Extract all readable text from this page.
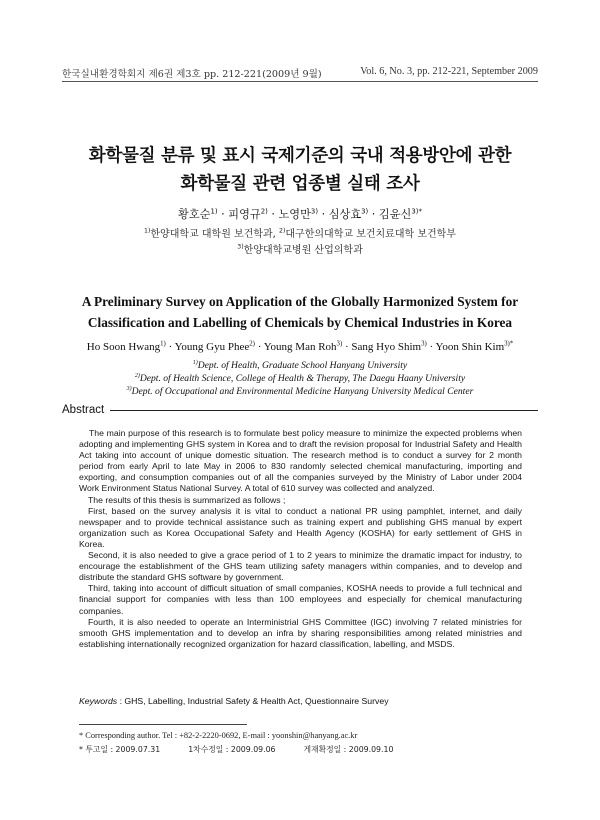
한국실내환경학회지 제6권 제3호 pp. 212-221(2009년 9월)	Vol. 6, No. 3, pp. 212-221, September 2009
화학물질 분류 및 표시 국제기준의 국내 적용방안에 관한
화학물질 관련 업종별 실태 조사
황호순$^{1)}$ · 피영규$^{2)}$ · 노영만$^{3)}$ · 심상효$^{3)}$ · 김윤신$^{3)*}$
$^{1)}$한양대학교 대학원 보건학과, $^{2)}$대구한의대학교 보건치료대학 보건학부
$^{3)}$한양대학교병원 산업의학과
A Preliminary Survey on Application of the Globally Harmonized System for
Classification and Labelling of Chemicals by Chemical Industries in Korea
Ho Soon Hwang$^{1)}$ · Young Gyu Phee$^{2)}$ · Young Man Roh$^{3)}$ · Sang Hyo Shim$^{3)}$ · Yoon Shin Kim$^{3)*}$
$^{1)}$Dept. of Health, Graduate School Hanyang University
$^{2)}$Dept. of Health Science, College of Health & Therapy, The Daegu Haany University
$^{3)}$Dept. of Occupational and Environmental Medicine Hanyang University Medical Center
Abstract

The main purpose of this research is to formulate best policy measure to minimize the expected problems when adopting and implementing GHS system in Korea and to draft the revision proposal for Industrial Safety and Health Act taking into account of unique domestic situation. The research method is to conduct a survey for 2 month period from early April to late May in 2006 to 830 randomly selected chemical manufacturing, importing and exporting, and consumption companies out of all the companies surveyed by the Ministry of Labor under 2004 Work Environment Status National Survey. A total of 610 survey was collected and analyzed.

The results of this thesis is summarized as follows ;

First, based on the survey analysis it is vital to conduct a national PR using pamphlet, internet, and daily newspaper and to provide technical assistance such as training expert and publishing GHS manual by expert organization such as Korea Occupational Safety and Health Agency (KOSHA) for early settlement of GHS in Korea.

Second, it is also needed to give a grace period of 1 to 2 years to minimize the dramatic impact for industry, to encourage the establishment of the GHS team utilizing safety managers within companies, and to develop and distribute the standard GHS software by government.

Third, taking into account of difficult situation of small companies, KOSHA needs to provide a full technical and financial support for companies with less than 100 employees and especially for chemical manufacturing companies.

Fourth, it is also needed to operate an Interministrial GHS Committee (IGC) involving 7 related ministries for smooth GHS implementation and to develop an infra by sharing responsibilities among related ministries and establishing internationally recognized organization for hazard classification, labelling, and MSDS.

Keywords : GHS, Labelling, Industrial Safety & Health Act, Questionnaire Survey
* Corresponding author. Tel : +82-2-2220-0692, E-mail : yoonshin@hanyang.ac.kr
* 투고일 : 2009.07.31	1차수정일 : 2009.09.06	게재확정일 : 2009.09.10
